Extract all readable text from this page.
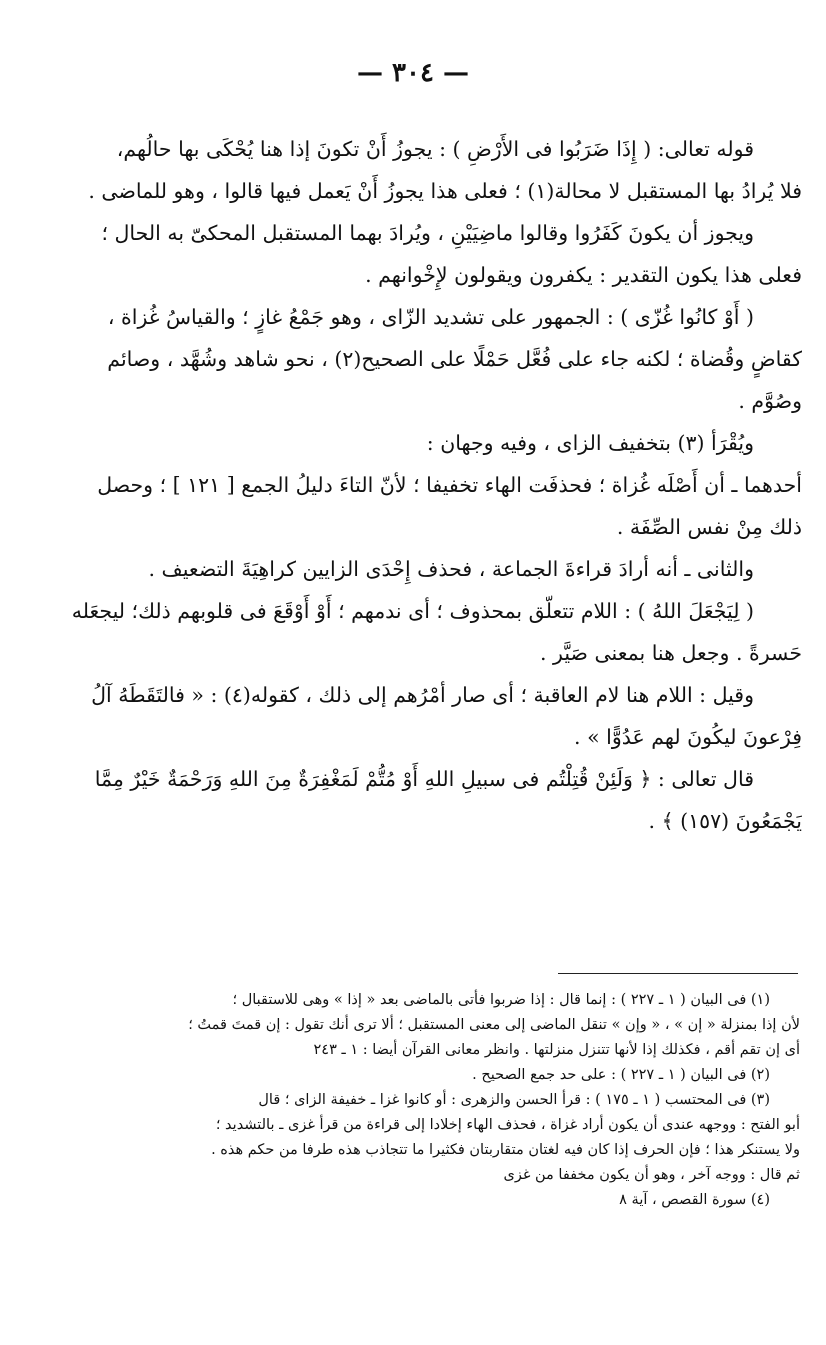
— ٣٠٤ —
قوله تعالى: ( إِذَا ضَرَبُوا فى الأَرْضِ ) : يجوزُ أَنْ تكونَ إذا هنا يُحْكَى بها حالُهم،
فلا يُرادُ بها المستقبل لا محالة(١) ؛ فعلى هذا يجوزُ أَنْ يَعمل فيها قالوا ، وهو للماضى .
ويجوز أن يكونَ كَفَرُوا وقالوا ماضِيَيْنِ ، ويُرادَ بهما المستقبل المحكىّ به الحال ؛
فعلى هذا يكون التقدير : يكفرون ويقولون لإِخْوانهم .
( أَوْ كانُوا غُزّى ) : الجمهور على تشديد الزّاى ، وهو جَمْعُ غازٍ ؛ والقياسُ غُزاة ،
كقاضٍ وقُضاة ؛ لكنه جاء على فُعَّل حَمْلًا على الصحيح(٢) ، نحو شاهد وشُهَّد ، وصائم
وصُوَّم .
ويُقْرَأ (٣) بتخفيف الزاى ، وفيه وجهان :
أحدهما ـ أن أَصْلَه غُزاة ؛ فحذفَت الهاء تخفيفا ؛ لأنّ التاءَ دليلُ الجمع [ ١٢١ ] ؛ وحصل
ذلك مِنْ نفس الصِّفَة .
والثانى ـ أنه أرادَ قراءةَ الجماعة ، فحذف إِحْدَى الزايين كراهِيَةَ التضعيف .
( لِيَجْعَلَ اللهُ ) : اللام تتعلّق بمحذوف ؛ أى ندمهم ؛ أَوْ أَوْقَعَ فى قلوبهم ذلك؛ ليجعَله
حَسرةً . وجعل هنا بمعنى صَيَّر .
وقيل : اللام هنا لام العاقبة ؛ أى صار أمْرُهم إلى ذلك ، كقوله(٤) : « فالتَقَطَهُ آلُ
فِرْعونَ ليكُونَ لهم عَدُوًّا » .
قال تعالى : ﴿ وَلَئِنْ قُتِلْتُم فى سبيلِ اللهِ أَوْ مُتُّمْ لَمَغْفِرَةٌ مِنَ اللهِ وَرَحْمَةٌ خَيْرٌ مِمَّا
يَجْمَعُونَ (١٥٧) ﴾ .
(١) فى البيان ( ١ ـ ٢٢٧ ) : إنما قال : إذا ضربوا فأتى بالماضى بعد « إذا » وهى للاستقبال ؛
لأن إذا بمنزلة « إن » ، « وإن » تنقل الماضى إلى معنى المستقبل ؛ ألا ترى أنك تقول : إن قمتَ قمتُ ؛
أى إن تقم أقم ، فكذلك إذا لأنها تتنزل منزلتها . وانظر معانى القرآن أيضا : ١ ـ ٢٤٣
(٢) فى البيان ( ١ ـ ٢٢٧ ) : على حد جمع الصحيح .
(٣) فى المحتسب ( ١ ـ ١٧٥ ) : قرأ الحسن والزهرى : أو كانوا غزا ـ خفيفة الزاى ؛ قال
أبو الفتح : ووجهه عندى أن يكون أراد غزاة ، فحذف الهاء إخلادا إلى قراءة من قرأ غزى ـ بالتشديد ؛
ولا يستنكر هذا ؛ فإن الحرف إذا كان فيه لغتان متقاربتان فكثيرا ما تتجاذب هذه طرفا من حكم هذه .
ثم قال : ووجه آخر ، وهو أن يكون مخففا من غزى
(٤) سورة القصص ، آية ٨
